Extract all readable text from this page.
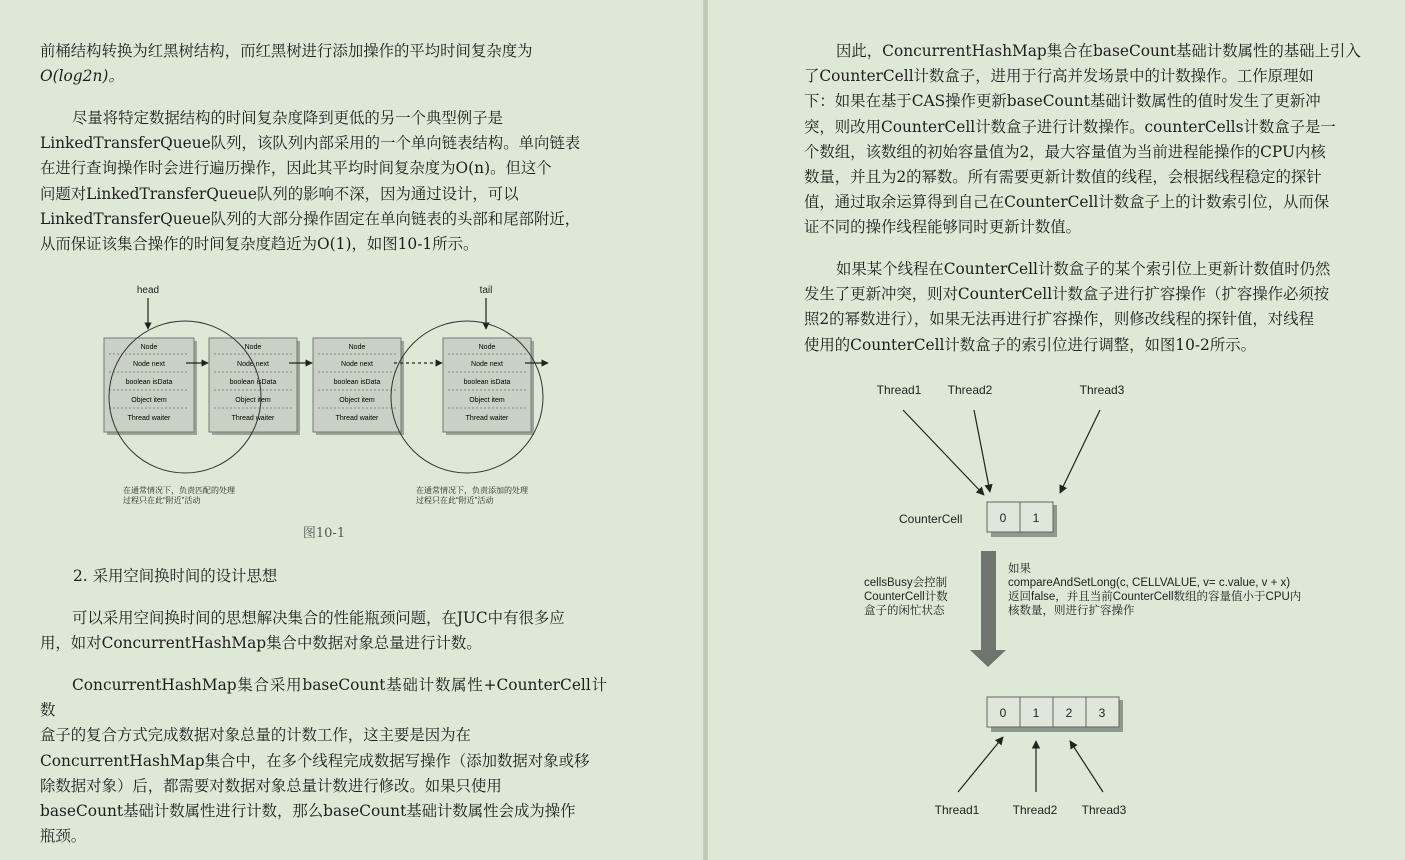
前桶结构转换为红黑树结构，而红黑树进行添加操作的平均时间复杂度为
O(log2n)。
尽量将特定数据结构的时间复杂度降到更低的另一个典型例子是
LinkedTransferQueue队列，该队列内部采用的一个单向链表结构。单向链表
在进行查询操作时会进行遍历操作，因此其平均时间复杂度为O(n)。但这个
问题对LinkedTransferQueue队列的影响不深，因为通过设计，可以
LinkedTransferQueue队列的大部分操作固定在单向链表的头部和尾部附近，
从而保证该集合操作的时间复杂度趋近为O(1)，如图10-1所示。
head	tail
Node
Node next
boolean isData
Object item
Thread waiter
Node
Node next
boolean isData
Object item
Thread waiter
Node
Node next
boolean isData
Object item
Thread waiter
Node
Node next
boolean isData
Object item
Thread waiter
在通常情况下，负责匹配的处理 过程只在此“附近”活动
在通常情况下，负责添加的处理 过程只在此“附近”活动
图10-1
2. 采用空间换时间的设计思想
可以采用空间换时间的思想解决集合的性能瓶颈问题，在JUC中有很多应
用，如对ConcurrentHashMap集合中数据对象总量进行计数。
ConcurrentHashMap集合采用baseCount基础计数属性+CounterCell计数
盒子的复合方式完成数据对象总量的计数工作，这主要是因为在
ConcurrentHashMap集合中，在多个线程完成数据写操作（添加数据对象或移
除数据对象）后，都需要对数据对象总量计数进行修改。如果只使用
baseCount基础计数属性进行计数，那么baseCount基础计数属性会成为操作
瓶颈。
因此，ConcurrentHashMap集合在baseCount基础计数属性的基础上引入
了CounterCell计数盒子，进用于行高并发场景中的计数操作。工作原理如
下：如果在基于CAS操作更新baseCount基础计数属性的值时发生了更新冲
突，则改用CounterCell计数盒子进行计数操作。counterCells计数盒子是一
个数组，该数组的初始容量值为2，最大容量值为当前进程能操作的CPU内核
数量，并且为2的幂数。所有需要更新计数值的线程，会根据线程稳定的探针
值，通过取余运算得到自己在CounterCell计数盒子上的计数索引位，从而保
证不同的操作线程能够同时更新计数值。
如果某个线程在CounterCell计数盒子的某个索引位上更新计数值时仍然
发生了更新冲突，则对CounterCell计数盒子进行扩容操作（扩容操作必须按
照2的幂数进行），如果无法再进行扩容操作，则修改线程的探针值，对线程
使用的CounterCell计数盒子的索引位进行调整，如图10-2所示。
Thread1 Thread2	Thread3
CounterCell	0 1
cellsBusy会控制 CounterCell计数 盒子的闲忙状态
如果 compareAndSetLong(c, CELLVALUE, v= c.value, v + x) 返回false，并且当前CounterCell数组的容量值小于CPU内 核数量，则进行扩容操作
0 1 2 3
Thread1	Thread2 Thread3
